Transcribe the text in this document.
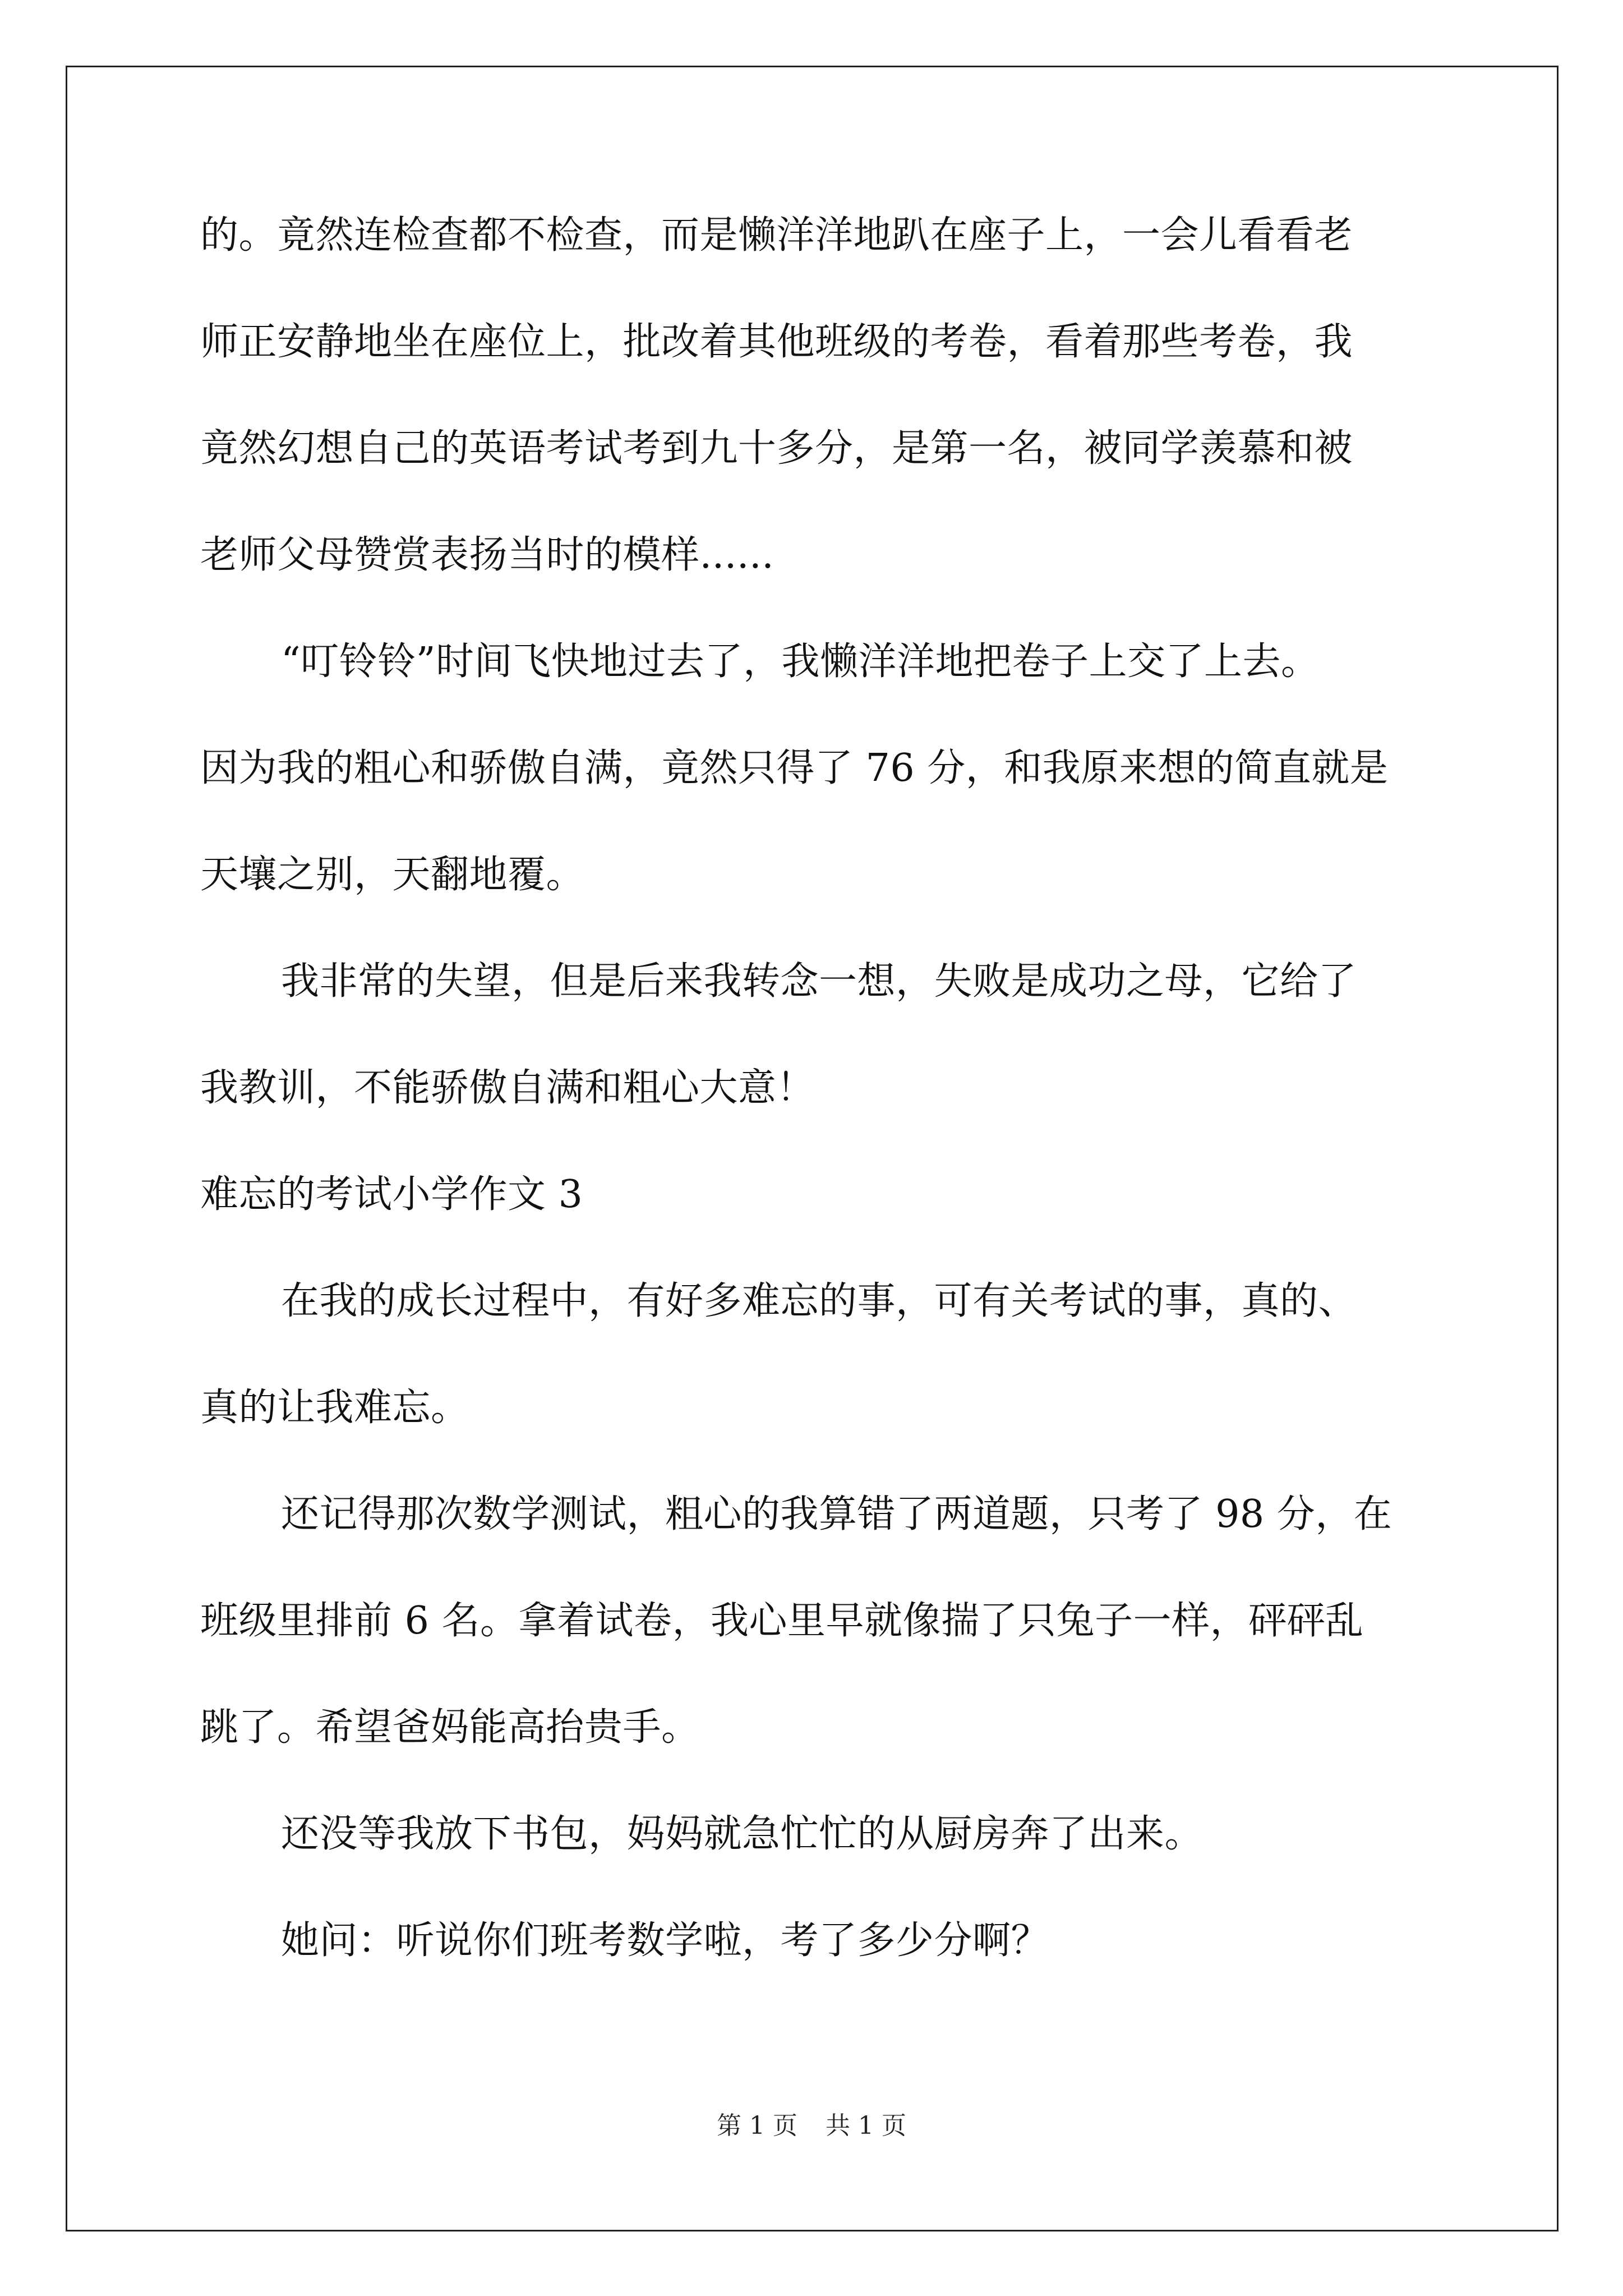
的。竟然连检查都不检查，而是懒洋洋地趴在座子上，一会儿看看老

师正安静地坐在座位上，批改着其他班级的考卷，看着那些考卷，我

竟然幻想自己的英语考试考到九十多分，是第一名，被同学羡慕和被

老师父母赞赏表扬当时的模样......

“叮铃铃”时间飞快地过去了，我懒洋洋地把卷子上交了上去。

因为我的粗心和骄傲自满，竟然只得了 76 分，和我原来想的简直就是

天壤之别，天翻地覆。

我非常的失望，但是后来我转念一想，失败是成功之母，它给了

我教训，不能骄傲自满和粗心大意！

难忘的考试小学作文 3

在我的成长过程中，有好多难忘的事，可有关考试的事，真的、

真的让我难忘。

还记得那次数学测试，粗心的我算错了两道题，只考了 98 分，在

班级里排前 6 名。拿着试卷，我心里早就像揣了只兔子一样，砰砰乱

跳了。希望爸妈能高抬贵手。

还没等我放下书包，妈妈就急忙忙的从厨房奔了出来。

她问：听说你们班考数学啦，考了多少分啊？

第 1 页 共 1 页
